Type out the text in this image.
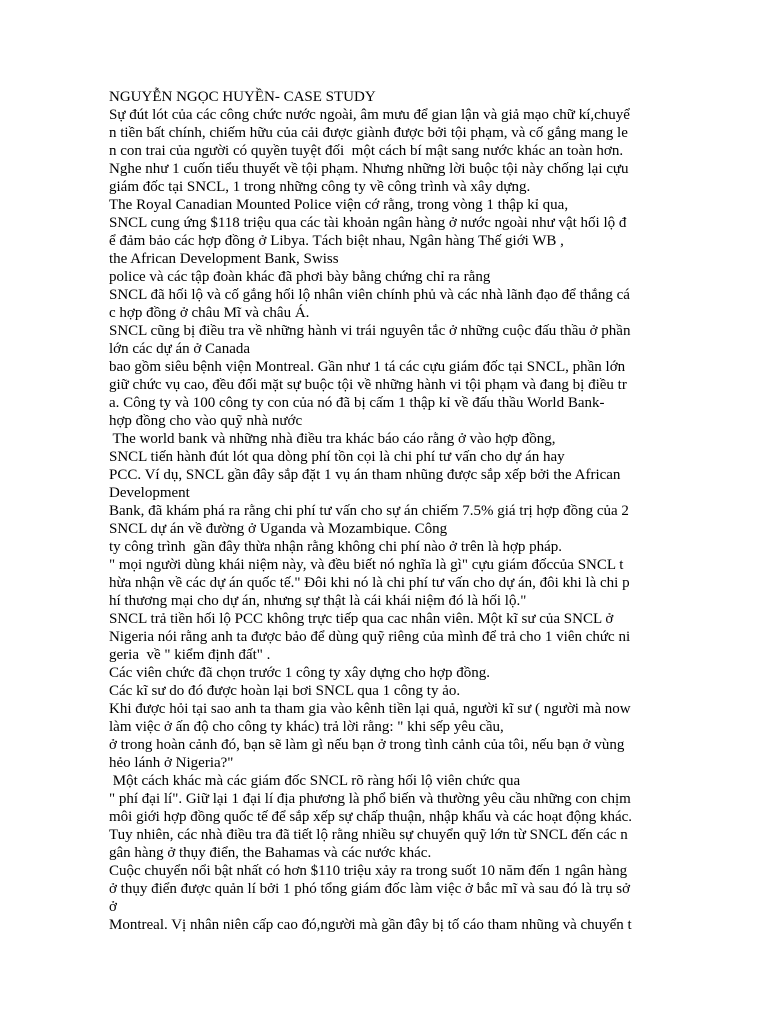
NGUYỄN NGỌC HUYỀN- CASE STUDY
Sự đút lót của các công chức nước ngoài, âm mưu để gian lận và giả mạo chữ kí,chuyể
n tiền bất chính, chiếm hữu của cải được giành được bởi tội phạm, và cố gắng mang le
n con trai của người có quyền tuyệt đối  một cách bí mật sang nước khác an toàn hơn.
Nghe như 1 cuốn tiểu thuyết về tội phạm. Nhưng những lời buộc tội này chống lại cựu
giám đốc tại SNCL, 1 trong những công ty về công trình và xây dựng.
The Royal Canadian Mounted Police viện cớ rằng, trong vòng 1 thập kỉ qua,
SNCL cung ứng $118 triệu qua các tài khoản ngân hàng ở nước ngoài như vật hối lộ đ
ể đảm bảo các hợp đồng ở Libya. Tách biệt nhau, Ngân hàng Thế giới WB ,
the African Development Bank, Swiss
police và các tập đoàn khác đã phơi bày bằng chứng chỉ ra rằng
SNCL đã hối lộ và cố gắng hối lộ nhân viên chính phủ và các nhà lãnh đạo để thắng cá
c hợp đồng ở châu Mĩ và châu Á.
SNCL cũng bị điều tra về những hành vi trái nguyên tắc ở những cuộc đấu thầu ở phần
lớn các dự án ở Canada
bao gồm siêu bệnh viện Montreal. Gần như 1 tá các cựu giám đốc tại SNCL, phần lớn
giữ chức vụ cao, đều đối mặt sự buộc tội về những hành vi tội phạm và đang bị điều tr
a. Công ty và 100 công ty con của nó đã bị cấm 1 thập kỉ về đấu thầu World Bank-
hợp đồng cho vào quỹ nhà nước
The world bank và những nhà điều tra khác báo cáo rằng ở vào hợp đồng,
SNCL tiến hành đút lót qua dòng phí tồn cọi là chi phí tư vấn cho dự án hay
PCC. Ví dụ, SNCL gần đây sắp đặt 1 vụ án tham nhũng được sắp xếp bởi the African
Development
Bank, đã khám phá ra rằng chi phí tư vấn cho sự án chiếm 7.5% giá trị hợp đồng của 2
SNCL dự án về đường ở Uganda và Mozambique. Công
ty công trình  gần đây thừa nhận rằng không chi phí nào ở trên là hợp pháp.
" mọi người dùng khái niệm này, và đều biết nó nghĩa là gì" cựu giám đốccủa SNCL t
hừa nhận về các dự án quốc tế." Đôi khi nó là chi phí tư vấn cho dự án, đôi khi là chi p
hí thương mại cho dự án, nhưng sự thật là cái khái niệm đó là hối lộ."
SNCL trả tiền hối lộ PCC không trực tiếp qua cac nhân viên. Một kĩ sư của SNCL ở
Nigeria nói rằng anh ta được bảo để dùng quỹ riêng của mình để trả cho 1 viên chức ni
geria  về " kiểm định đất" .
Các viên chức đã chọn trước 1 công ty xây dựng cho hợp đồng.
Các kĩ sư do đó được hoàn lại bơi SNCL qua 1 công ty ảo.
Khi được hỏi tại sao anh ta tham gia vào kênh tiền lại quả, người kĩ sư ( người mà now
làm việc ở ấn độ cho công ty khác) trả lời rằng: " khi sếp yêu cầu,
ở trong hoàn cảnh đó, bạn sẽ làm gì nếu bạn ở trong tình cảnh của tôi, nếu bạn ở vùng
hẻo lánh ở Nigeria?"
Một cách khác mà các giám đốc SNCL rõ ràng hối lộ viên chức qua
" phí đại lí". Giữ lại 1 đại lí địa phương là phổ biến và thường yêu cầu những con chịm
môi giới hợp đồng quốc tế để sắp xếp sự chấp thuận, nhập khẩu và các hoạt động khác.
Tuy nhiên, các nhà điều tra đã tiết lộ rằng nhiều sự chuyển quỹ lớn từ SNCL đến các n
gân hàng ở thụy điển, the Bahamas và các nước khác.
Cuộc chuyển nổi bật nhất có hơn $110 triệu xảy ra trong suốt 10 năm đến 1 ngân hàng
ở thụy điển được quản lí bởi 1 phó tổng giám đốc làm việc ở bắc mĩ và sau đó là trụ sở
ở
Montreal. Vị nhân niên cấp cao đó,người mà gần đây bị tố cáo tham nhũng và chuyển t
